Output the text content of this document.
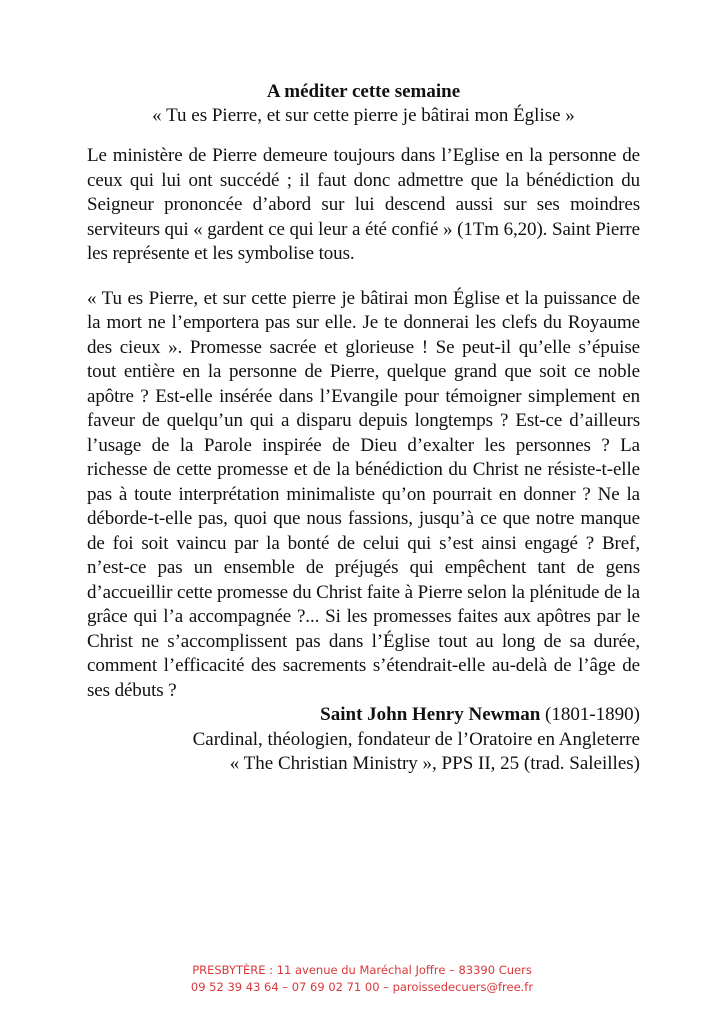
A méditer cette semaine

« Tu es Pierre, et sur cette pierre je bâtirai mon Église »

Le ministère de Pierre demeure toujours dans l’Eglise en la personne de ceux qui lui ont succédé ; il faut donc admettre que la bénédiction du Seigneur prononcée d’abord sur lui descend aussi sur ses moindres serviteurs qui « gardent ce qui leur a été confié » (1Tm 6,20). Saint Pierre les représente et les symbolise tous.

« Tu es Pierre, et sur cette pierre je bâtirai mon Église et la puissance de la mort ne l’emportera pas sur elle. Je te donnerai les clefs du Royaume des cieux ». Promesse sacrée et glorieuse ! Se peut-il qu’elle s’épuise tout entière en la personne de Pierre, quelque grand que soit ce noble apôtre ? Est-elle insérée dans l’Evangile pour témoigner simplement en faveur de quelqu’un qui a disparu depuis longtemps ? Est-ce d’ailleurs l’usage de la Parole inspirée de Dieu d’exalter les personnes ? La richesse de cette promesse et de la bénédiction du Christ ne résiste-t-elle pas à toute interprétation minimaliste qu’on pourrait en donner ? Ne la déborde-t-elle pas, quoi que nous fassions, jusqu’à ce que notre manque de foi soit vaincu par la bonté de celui qui s’est ainsi engagé ? Bref, n’est-ce pas un ensemble de préjugés qui empêchent tant de gens d’accueillir cette promesse du Christ faite à Pierre selon la plénitude de la grâce qui l’a accompagnée ?... Si les promesses faites aux apôtres par le Christ ne s’accomplissent pas dans l’Église tout au long de sa durée, comment l’efficacité des sacrements s’étendrait-elle au-delà de l’âge de ses débuts ?

Saint John Henry Newman (1801-1890)

Cardinal, théologien, fondateur de l’Oratoire en Angleterre

« The Christian Ministry », PPS II, 25 (trad. Saleilles)

PRESBYTÈRE : 11 avenue du Maréchal Joffre – 83390 Cuers
09 52 39 43 64 – 07 69 02 71 00 – paroissedecuers@free.fr
